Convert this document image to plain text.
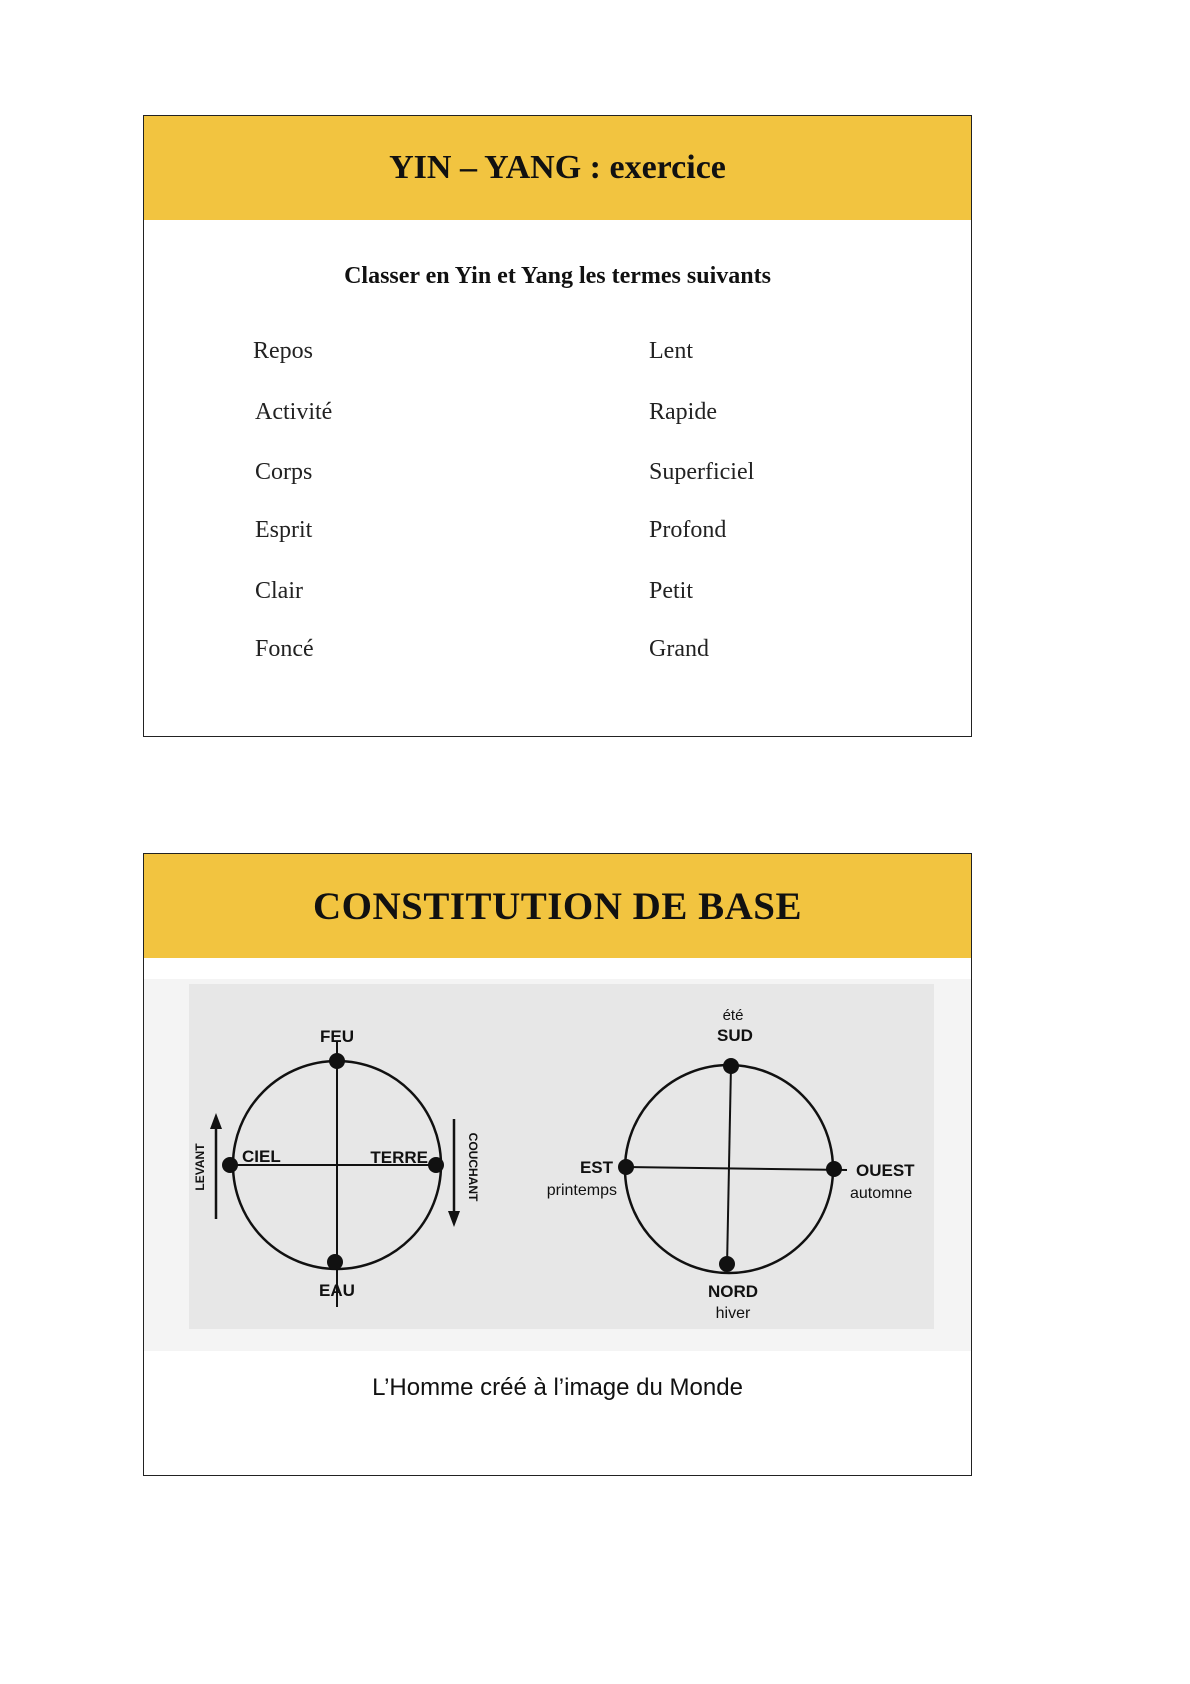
YIN – YANG : exercice
Classer en Yin et Yang les termes suivants
Repos
Activité
Corps
Esprit
Clair
Foncé
Lent
Rapide
Superficiel
Profond
Petit
Grand
CONSTITUTION DE BASE
FEU
EAU
CIEL	TERRE
LEVANT	COUCHANT
été
SUD
NORD
hiver
EST
printemps
OUEST
automne
L’Homme créé à l’image du Monde
